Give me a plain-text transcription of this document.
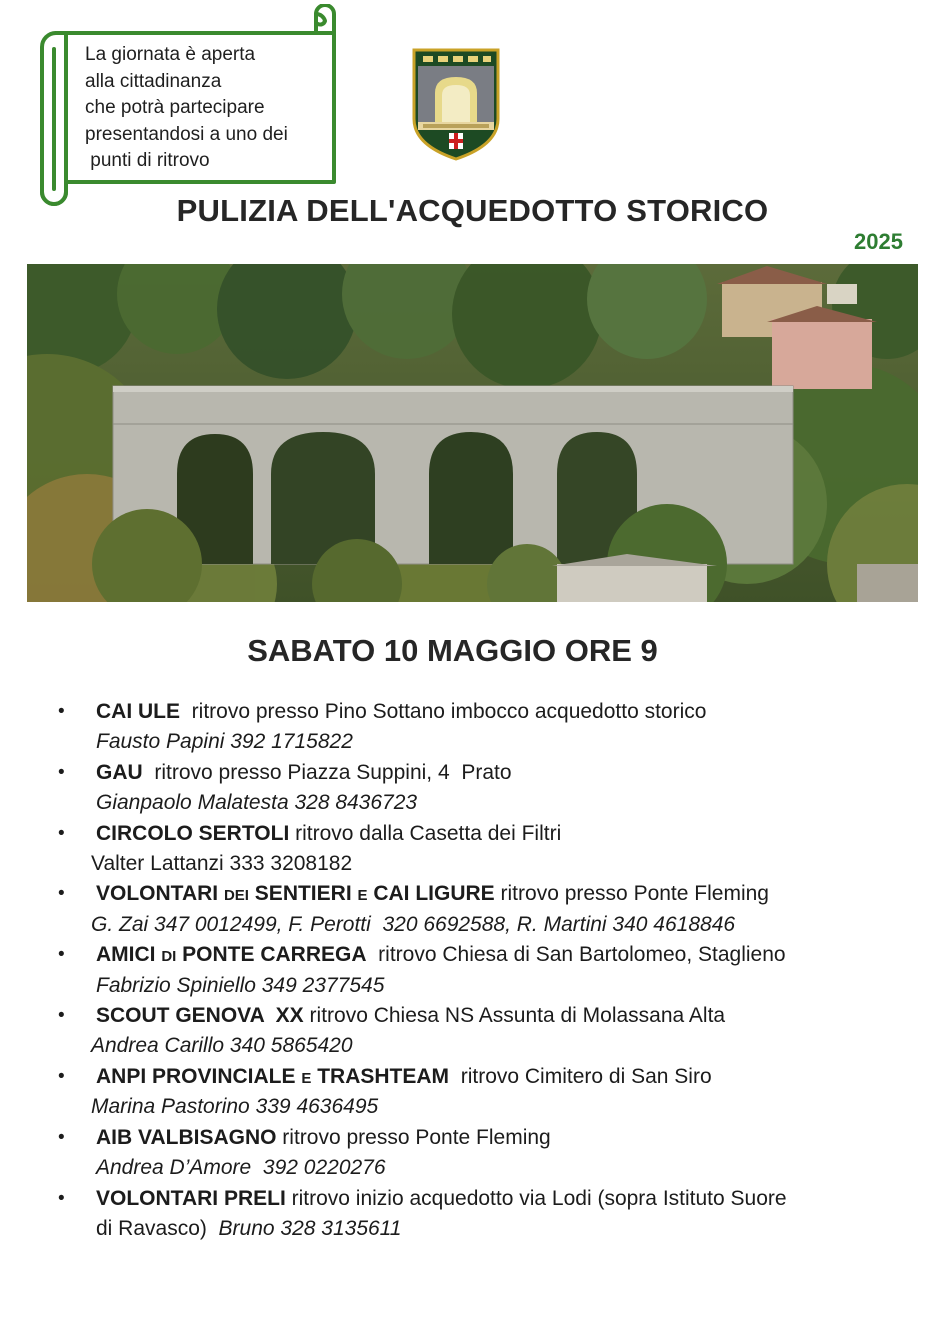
La giornata è aperta
alla cittadinanza
che potrà partecipare
presentandosi a uno dei
punti di ritrovo
PULIZIA DELL'ACQUEDOTTO STORICO
2025
SABATO 10 MAGGIO ORE 9
•	CAI ULE  ritrovo presso Pino Sottano imbocco acquedotto storico
Fausto Papini 392 1715822
•	GAU  ritrovo presso Piazza Suppini, 4  Prato
Gianpaolo Malatesta 328 8436723
•	CIRCOLO SERTOLI ritrovo dalla Casetta dei Filtri
Valter Lattanzi 333 3208182
•	VOLONTARI dei SENTIERI e CAI LIGURE ritrovo presso Ponte Fleming
G. Zai 347 0012499, F. Perotti  320 6692588, R. Martini 340 4618846
•	AMICI di PONTE CARREGA  ritrovo Chiesa di San Bartolomeo, Staglieno
Fabrizio Spiniello 349 2377545
•	SCOUT GENOVA  XX ritrovo Chiesa NS Assunta di Molassana Alta
Andrea Carillo 340 5865420
•	ANPI PROVINCIALE e TRASHTEAM  ritrovo Cimitero di San Siro
Marina Pastorino 339 4636495
•	AIB VALBISAGNO ritrovo presso Ponte Fleming
Andrea D’Amore  392 0220276
•	VOLONTARI PRELI ritrovo inizio acquedotto via Lodi (sopra Istituto Suore
di Ravasco)  Bruno 328 3135611
